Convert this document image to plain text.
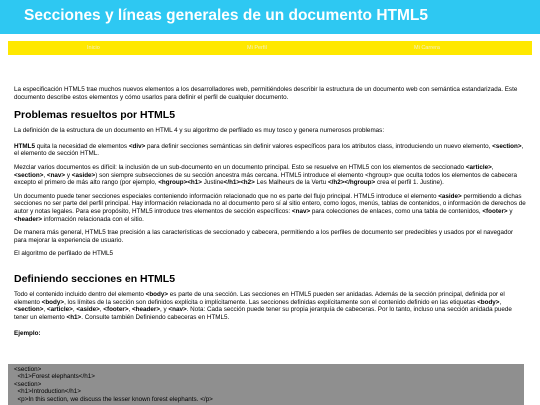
Secciones y líneas generales de un documento HTML5
Inicio	Mi Perfil	Mi Carrera

La especificación HTML5 trae muchos nuevos elementos a los desarrolladores web, permitiéndoles describir la estructura de un documento web con semántica estandarizada. Este documento describe estos elementos y cómo usarlos para definir el perfil de cualquier documento.

Problemas resueltos por HTML5

La definición de la estructura de un documento en HTML 4 y su algoritmo de perfilado es muy tosco y genera numerosos problemas:

HTML5 quita la necesidad de elementos <div> para definir secciones semánticas sin definir valores específicos para los atributos class, introduciendo un nuevo elemento, <section>, el elemento de sección HTML.

Mezclar varios documentos es difícil: la inclusión de un sub-documento en un documento principal. Esto se resuelve en HTML5 con los elementos de seccionado <article>, <section>, <nav> y <aside>) son siempre subsecciones de su sección ancestra más cercana. HTML5 introduce el elemento <hgroup> que oculta todos los elementos de cabecera excepto el primero de más alto rango (por ejemplo, <hgroup><h1> Justine</h1><h2> Les Malheurs de la Vertu </h2></hgroup> crea el perfil 1. Justine).

Un documento puede tener secciones especiales conteniendo información relacionado que no es parte del flujo principal. HTML5 introduce el elemento <aside> permitiendo a dichas secciones no ser parte del perfil principal. Hay información relacionada no al documento pero sí al sitio entero, como logos, menús, tablas de contenidos, o información de derechos de autor y notas legales. Para ese propósito, HTML5 introduce tres elementos de sección específicos: <nav> para colecciones de enlaces, como una tabla de contenidos, <footer> y <header> información relacionada con el sitio.

De manera más general, HTML5 trae precisión a las características de seccionado y cabecera, permitiendo a los perfiles de documento ser predecibles y usados por el navegador para mejorar la experiencia de usuario.

El algoritmo de perfilado de HTML5

Definiendo secciones en HTML5

Todo el contenido incluido dentro del elemento <body> es parte de una sección. Las secciones en HTML5 pueden ser anidadas. Además de la sección principal, definida por el elemento <body>, los límites de la sección son definidos explícita o implícitamente. Las secciones definidas explícitamente son el contenido definido en las etiquetas <body>, <section>, <article>, <aside>, <footer>, <header>, y <nav>. Nota: Cada sección puede tener su propia jerarquía de cabeceras. Por lo tanto, incluso una sección anidada puede tener un elemento <h1>. Consulte también Definiendo cabeceras en HTML5.

Ejemplo:

<section>
<h1>Forest elephants</h1>
<section>
<h1>Introduction</h1>
<p>In this section, we discuss the lesser known forest elephants. </p>
